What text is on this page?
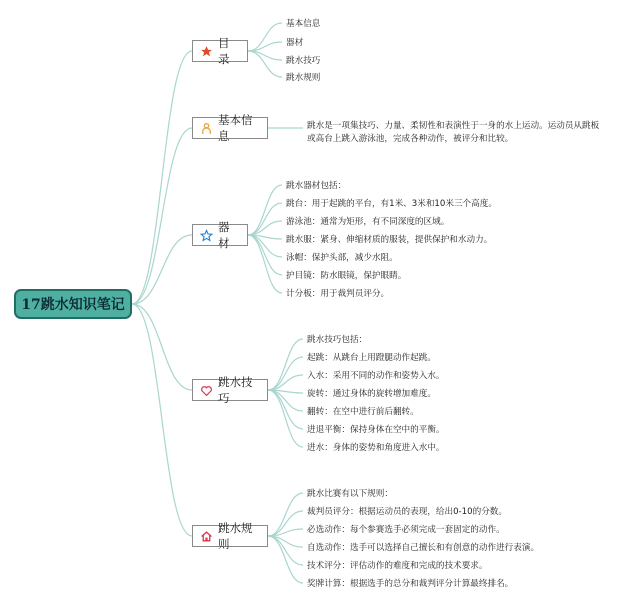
17跳水知识笔记
目录
基本信息
器材
跳水技巧
跳水规则
基本信息
跳水是一项集技巧、力量、柔韧性和表演性于一身的水上运动。运动员从跳板或高台上跳入游泳池，完成各种动作，被评分和比较。
器材
跳水器材包括：
跳台：用于起跳的平台，有1米、3米和10米三个高度。
游泳池：通常为矩形，有不同深度的区域。
跳水服：紧身、伸缩材质的服装，提供保护和水动力。
泳帽：保护头部，减少水阻。
护目镜：防水眼镜，保护眼睛。
计分板：用于裁判员评分。
跳水技巧
跳水技巧包括：
起跳：从跳台上用蹬腿动作起跳。
入水：采用不同的动作和姿势入水。
旋转：通过身体的旋转增加难度。
翻转：在空中进行前后翻转。
进退平衡：保持身体在空中的平衡。
进水：身体的姿势和角度进入水中。
跳水规则
跳水比赛有以下规则：
裁判员评分：根据运动员的表现，给出0-10的分数。
必选动作：每个参赛选手必须完成一套固定的动作。
自选动作：选手可以选择自己擅长和有创意的动作进行表演。
技术评分：评估动作的难度和完成的技术要求。
奖牌计算：根据选手的总分和裁判评分计算最终排名。
